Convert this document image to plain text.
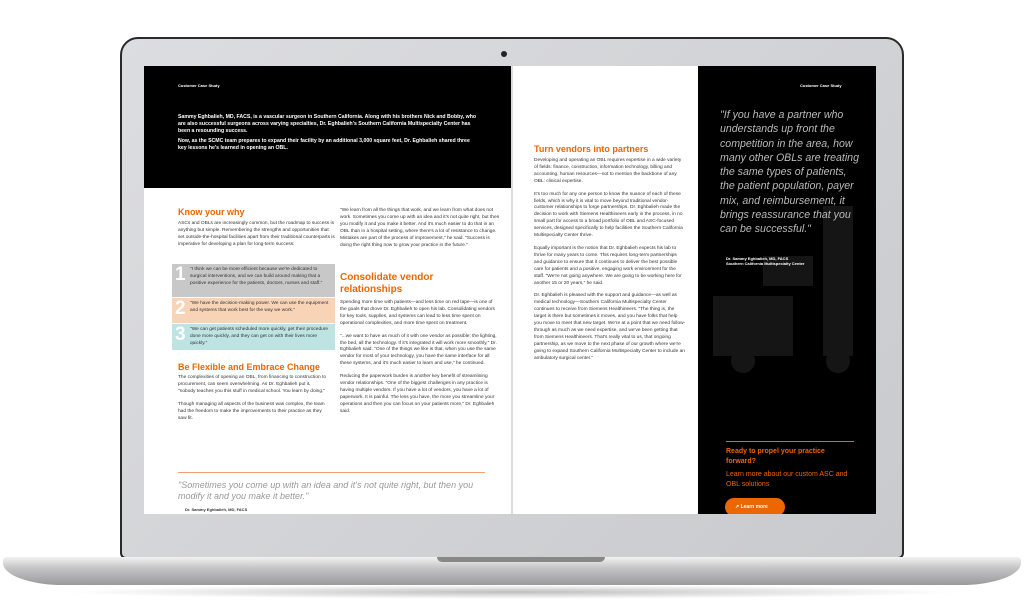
Customer Case Study

Sammy Eghbalieh, MD, FACS, is a vascular surgeon in Southern California. Along with his brothers Nick and Bobby, who are also successful surgeons across varying specialties, Dr. Eghbalieh's Southern California Multispecialty Center has been a resounding success.

Now, as the SCMC team prepares to expand their facility by an additional 3,000 square feet, Dr. Eghbalieh shared three key lessons he's learned in opening an OBL.

Know your why
ASCs and OBLs are increasingly common, but the roadmap to success is anything but simple. Remembering the strengths and opportunities that set outside-the-hospital facilities apart from their traditional counterparts is imperative for developing a plan for long-term success:
1 "I think we can be more efficient because we're dedicated to surgical interventions, and we can build around making that a positive experience for the patients, doctors, nurses and staff."
2 "We have the decision-making power. We can use the equipment and systems that work best for the way we work."
3 "We can get patients scheduled more quickly, get their procedure done more quickly, and they can get on with their lives more quickly."
Be Flexible and Embrace Change

The complexities of opening an OBL, from financing to construction to procurement, can seem overwhelming. As Dr. Eghbalieh put it, "nobody teaches you this stuff in medical school. You learn by doing."

Though managing all aspects of the business was complex, the team had the freedom to make the improvements to their practice as they saw fit.

"We learn from all the things that work, and we learn from what does not work. Sometimes you come up with an idea and it's not quite right, but then you modify it and you make it better. And it's much easier to do that in an OBL than in a hospital setting, where there's a lot of resistance to change. Mistakes are part of the process of improvement," he said. "Success is doing the right thing now to grow your practice in the future."
Consolidate vendor relationships

Spending more time with patients—and less time on red tape—is one of the goals that drove Dr. Eghbalieh to open his lab. Consolidating vendors for key tools, supplies, and systems can lead to less time spent on operational complexities, and more time spent on treatment.

"...we want to have as much of it with one vendor as possible; the lighting, the bed, all the technology. If it's integrated it will work more smoothly," Dr. Eghbalieh said. "One of the things we like is that, when you use the same vendor for most of your technology, you have the same interface for all these systems, and it's much easier to learn and use," he continued.

Reducing the paperwork burden is another key benefit of streamlining vendor relationships. "One of the biggest challenges in any practice is having multiple vendors. If you have a lot of vendors, you have a lot of paperwork. It is painful. The less you have, the more you streamline your operations and then you can focus on your patients more," Dr. Eghbalieh said.

"Sometimes you come up with an idea and it's not quite right, but then you modify it and you make it better."
Dr. Sammy Eghbalieh, MD, FACS
Turn vendors into partners

Developing and operating an OBL requires expertise in a wide variety of fields: finance, construction, information technology, billing and accounting, human resources—not to mention the backbone of any OBL: clinical expertise.

It's too much for any one person to know the nuance of each of these fields, which is why it is vital to move beyond traditional vendor-customer relationships to forge partnerships. Dr. Eghbalieh made the decision to work with Siemens Healthineers early in the process, in no small part for access to a broad portfolio of OBL and ASC-focused services, designed specifically to help facilities the Southern California Multispecialty Center thrive.

Equally important is the notion that Dr. Eghbalieh expects his lab to thrive for many years to come. This requires long-term partnerships and guidance to ensure that it continues to deliver the best possible care for patients and a positive, engaging work environment for the staff. "We're not going anywhere. We are going to be working here for another 15 or 20 years," he said.

Dr. Eghbalieh is pleased with the support and guidance—as well as medical technology—Southern California Multispecialty Center continues to receive from Siemens Healthineers. "The thing is, the target is there but sometimes it moves, and you have folks that help you move to meet that new target. We're at a point that we need follow-through as much as we need expertise, and we've been getting that from Siemens Healthineers. That's really vital to us, that ongoing partnership, as we move to the next phase of our growth where we're going to expand Southern California Multispecialty Center to include an ambulatory surgical center."

Customer Case Study
"If you have a partner who understands up front the competition in the area, how many other OBLs are treating the same types of patients, the patient population, payer mix, and reimbursement, it brings reassurance that you can be successful."
Dr. Sammy Eghbalieh, MD, FACS
Southern California Multispecialty Center
Ready to propel your practice forward?
Learn more about our custom ASC and OBL solutions
↗ Learn more
